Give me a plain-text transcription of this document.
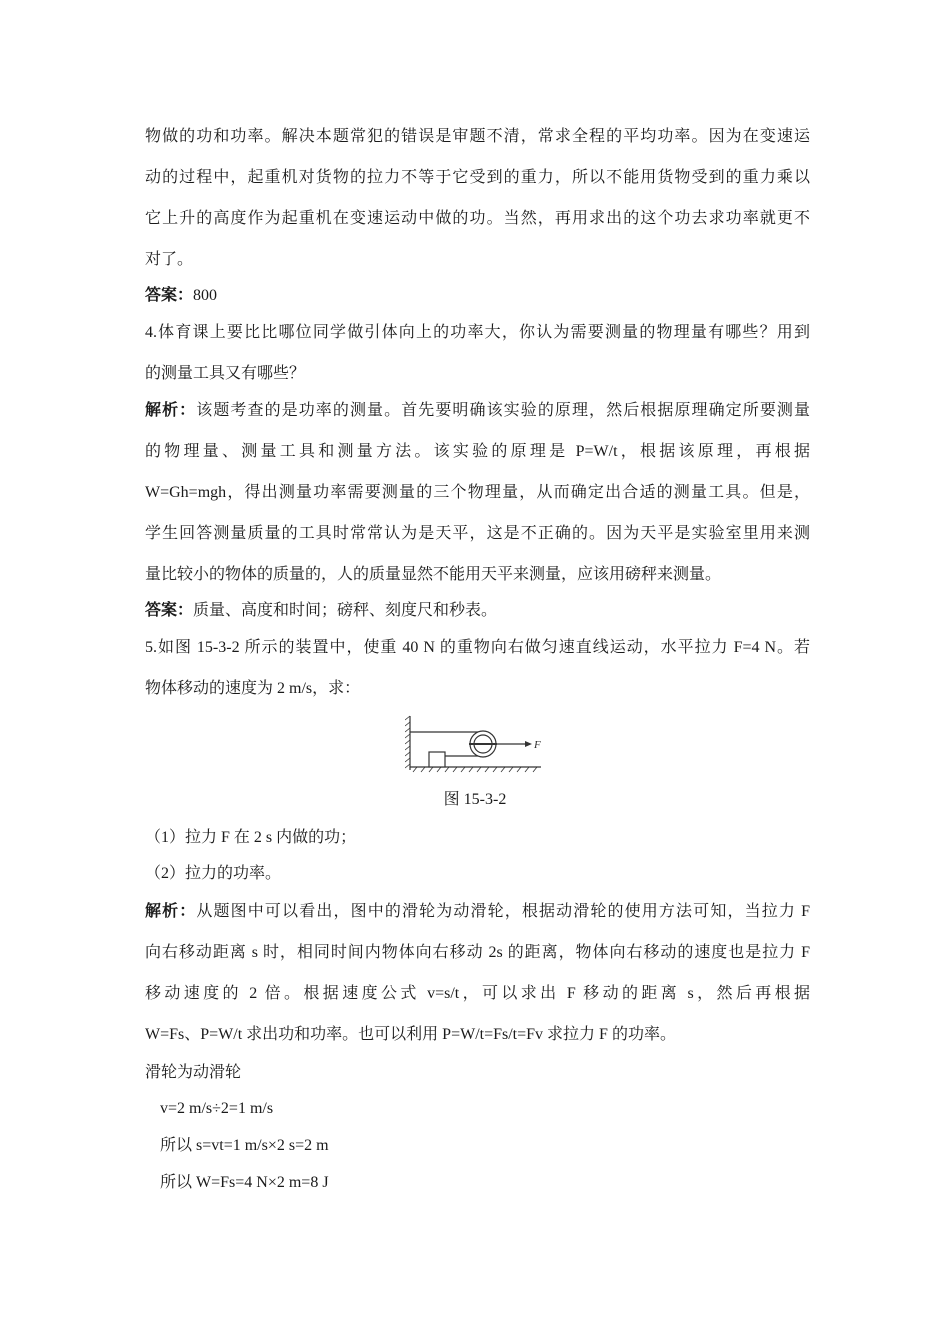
物做的功和功率。解决本题常犯的错误是审题不清，常求全程的平均功率。因为在变速运
动的过程中，起重机对货物的拉力不等于它受到的重力，所以不能用货物受到的重力乘以
它上升的高度作为起重机在变速运动中做的功。当然，再用求出的这个功去求功率就更不
对了。
答案：800
4.体育课上要比比哪位同学做引体向上的功率大，你认为需要测量的物理量有哪些？用到
的测量工具又有哪些？
解析：该题考查的是功率的测量。首先要明确该实验的原理，然后根据原理确定所要测量
的物理量、测量工具和测量方法。该实验的原理是 P=W/t，根据该原理，再根据
W=Gh=mgh，得出测量功率需要测量的三个物理量，从而确定出合适的测量工具。但是，
学生回答测量质量的工具时常常认为是天平，这是不正确的。因为天平是实验室里用来测
量比较小的物体的质量的，人的质量显然不能用天平来测量，应该用磅秤来测量。
答案：质量、高度和时间；磅秤、刻度尺和秒表。
5.如图 15-3-2 所示的装置中，使重 40 N 的重物向右做匀速直线运动，水平拉力 F=4 N。若
物体移动的速度为 2 m/s，求：
F
图 15-3-2
（1）拉力 F 在 2 s 内做的功；
（2）拉力的功率。
解析：从题图中可以看出，图中的滑轮为动滑轮，根据动滑轮的使用方法可知，当拉力 F
向右移动距离 s 时，相同时间内物体向右移动 2s 的距离，物体向右移动的速度也是拉力 F
移动速度的 2 倍。根据速度公式 v=s/t，可以求出 F 移动的距离 s，然后再根据
W=Fs、P=W/t 求出功和功率。也可以利用 P=W/t=Fs/t=Fv 求拉力 F 的功率。
滑轮为动滑轮
v=2 m/s÷2=1 m/s
所以 s=vt=1 m/s×2 s=2 m
所以 W=Fs=4 N×2 m=8 J
